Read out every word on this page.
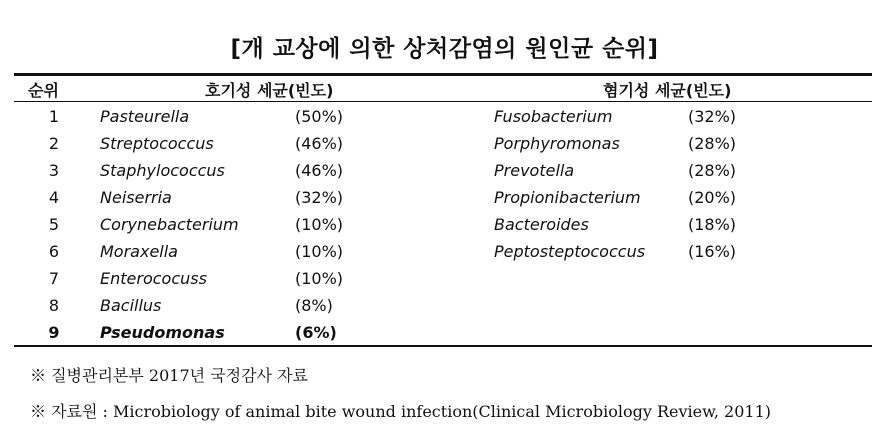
[개 교상에 의한 상처감염의 원인균 순위]
순위	호기성 세균(빈도)	혐기성 세균(빈도)
1	Pasteurella	(50%)	Fusobacterium	(32%)
2	Streptococcus	(46%)	Porphyromonas	(28%)
3	Staphylococcus	(46%)	Prevotella	(28%)
4	Neiserria	(32%)	Propionibacterium	(20%)
5	Corynebacterium	(10%)	Bacteroides	(18%)
6	Moraxella	(10%)	Peptosteptococcus	(16%)
7	Enterococuss	(10%)
8	Bacillus	(8%)
9	Pseudomonas	(6%)
※ 질병관리본부 2017년 국정감사 자료
※ 자료원 : Microbiology of animal bite wound infection(Clinical Microbiology Review, 2011)
